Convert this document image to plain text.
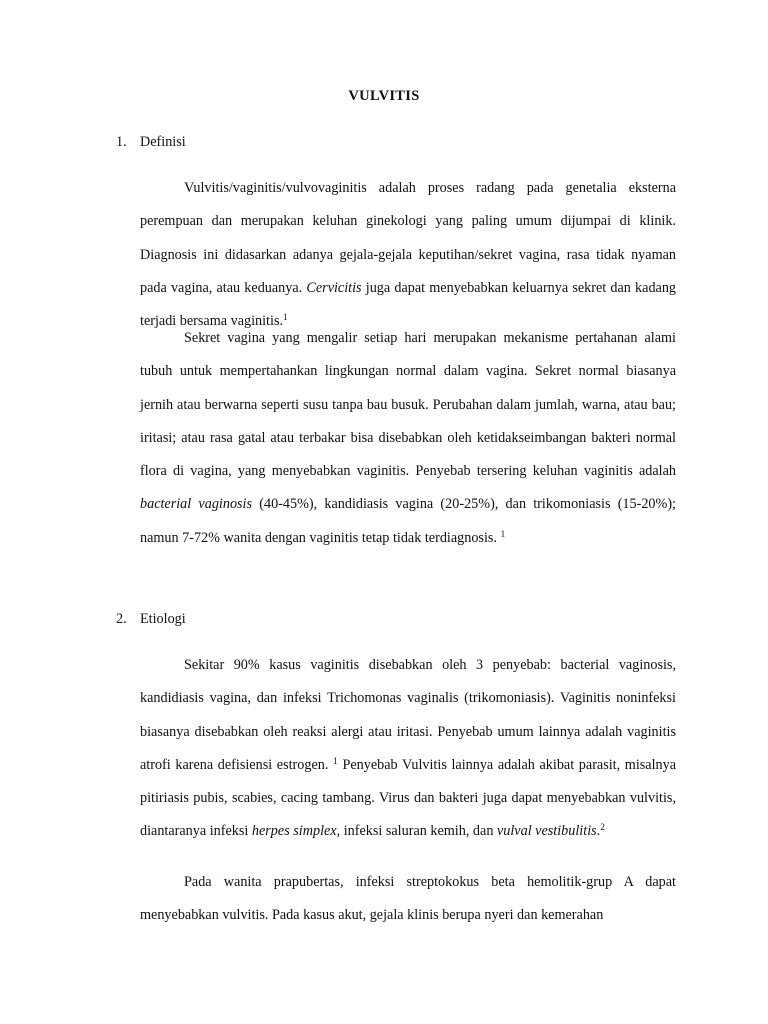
VULVITIS
1. Definisi
Vulvitis/vaginitis/vulvovaginitis adalah proses radang pada genetalia eksterna perempuan dan merupakan keluhan ginekologi yang paling umum dijumpai di klinik. Diagnosis ini didasarkan adanya gejala-gejala keputihan/sekret vagina, rasa tidak nyaman pada vagina, atau keduanya. Cervicitis juga dapat menyebabkan keluarnya sekret dan kadang terjadi bersama vaginitis.$^1$
Sekret vagina yang mengalir setiap hari merupakan mekanisme pertahanan alami tubuh untuk mempertahankan lingkungan normal dalam vagina. Sekret normal biasanya jernih atau berwarna seperti susu tanpa bau busuk. Perubahan dalam jumlah, warna, atau bau; iritasi; atau rasa gatal atau terbakar bisa disebabkan oleh ketidakseimbangan bakteri normal flora di vagina, yang menyebabkan vaginitis. Penyebab tersering keluhan vaginitis adalah bacterial vaginosis (40-45%), kandidiasis vagina (20-25%), dan trikomoniasis (15-20%); namun 7-72% wanita dengan vaginitis tetap tidak terdiagnosis. $^1$
2. Etiologi
Sekitar 90% kasus vaginitis disebabkan oleh 3 penyebab: bacterial vaginosis, kandidiasis vagina, dan infeksi Trichomonas vaginalis (trikomoniasis). Vaginitis noninfeksi biasanya disebabkan oleh reaksi alergi atau iritasi. Penyebab umum lainnya adalah vaginitis atrofi karena defisiensi estrogen. $^1$ Penyebab Vulvitis lainnya adalah akibat parasit, misalnya pitiriasis pubis, scabies, cacing tambang. Virus dan bakteri juga dapat menyebabkan vulvitis, diantaranya infeksi herpes simplex, infeksi saluran kemih, dan vulval vestibulitis.$^2$
Pada wanita prapubertas, infeksi streptokokus beta hemolitik-grup A dapat menyebabkan vulvitis. Pada kasus akut, gejala klinis berupa nyeri dan kemerahan
